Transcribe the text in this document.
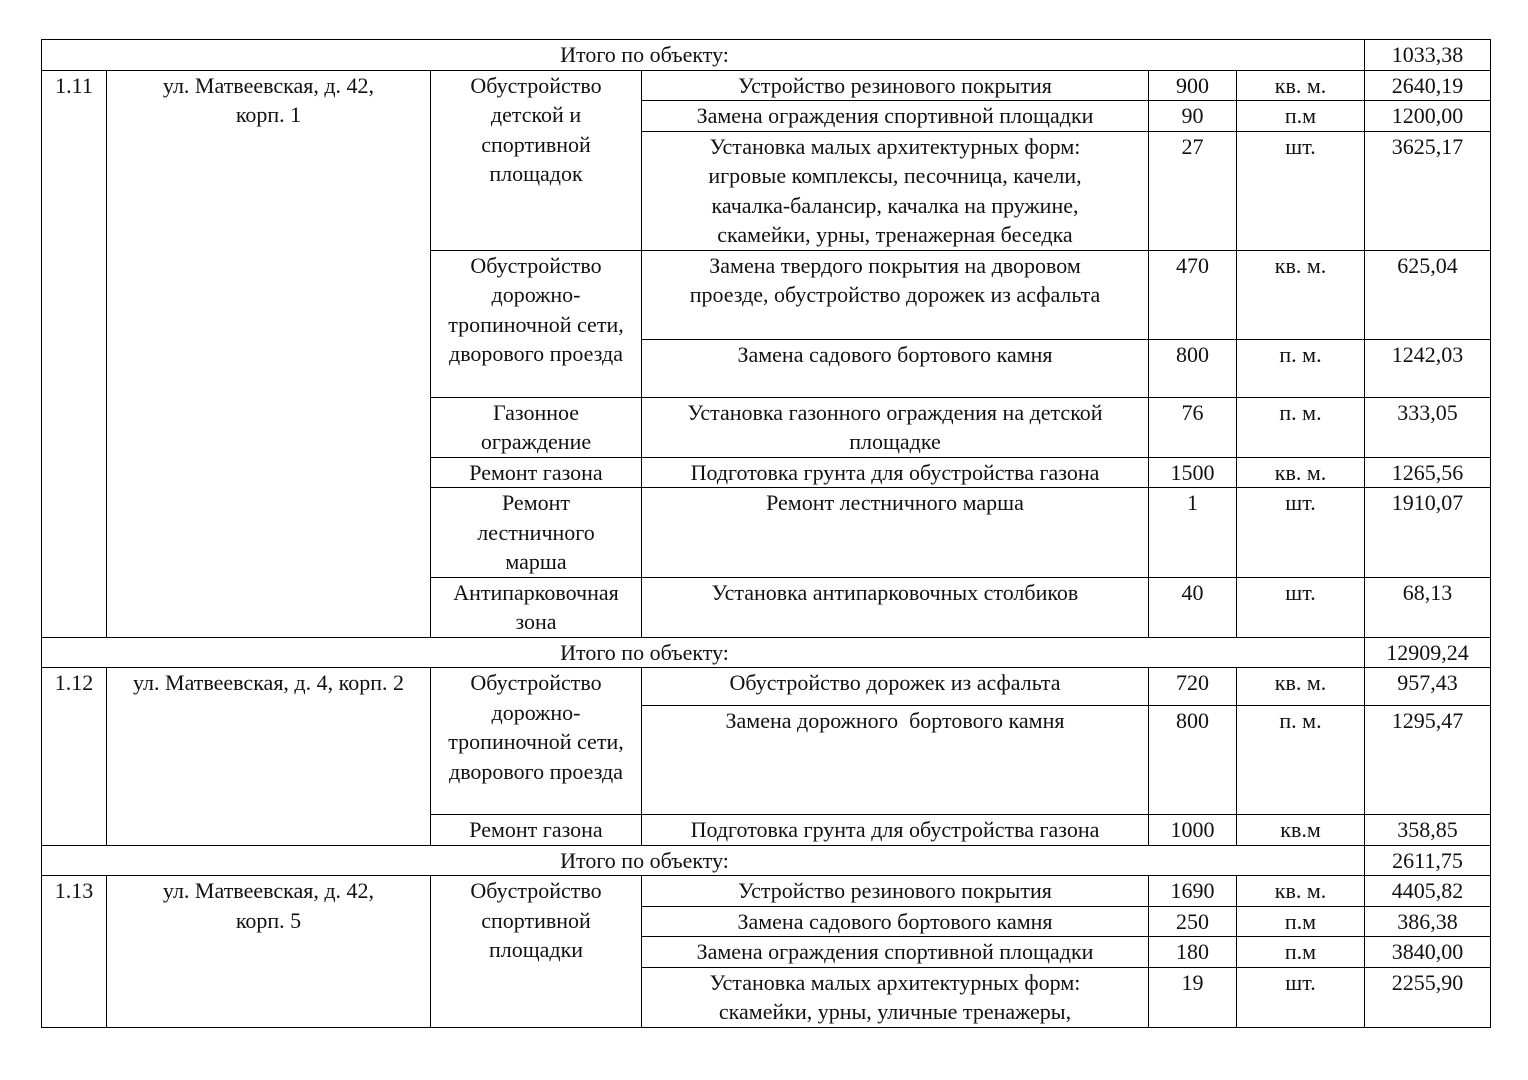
Итого по объекту:						1033,38
1.11	ул. Матвеевская, д. 42, корп. 1	Обустройство детской и спортивной площадок	Устройство резинового покрытия	900	кв. м.	2640,19
			Замена ограждения спортивной площадки	90	п.м	1200,00
			Установка малых архитектурных форм: игровые комплексы, песочница, качели, качалка-балансир, качалка на пружине, скамейки, урны, тренажерная беседка	27	шт.	3625,17
		Обустройство дорожно-тропиночной сети, дворового проезда	Замена твердого покрытия на дворовом проезде, обустройство дорожек из асфальта	470	кв. м.	625,04
			Замена садового бортового камня	800	п. м.	1242,03
		Газонное ограждение	Установка газонного ограждения на детской площадке	76	п. м.	333,05
		Ремонт газона	Подготовка грунта для обустройства газона	1500	кв. м.	1265,56
		Ремонт лестничного марша	Ремонт лестничного марша	1	шт.	1910,07
		Антипарковочная зона	Установка антипарковочных столбиков	40	шт.	68,13
Итого по объекту:						12909,24
1.12	ул. Матвеевская, д. 4, корп. 2	Обустройство дорожно-тропиночной сети, дворового проезда	Обустройство дорожек из асфальта	720	кв. м.	957,43
			Замена дорожного  бортового камня	800	п. м.	1295,47
		Ремонт газона	Подготовка грунта для обустройства газона	1000	кв.м	358,85
Итого по объекту:						2611,75
1.13	ул. Матвеевская, д. 42, корп. 5	Обустройство спортивной площадки	Устройство резинового покрытия	1690	кв. м.	4405,82
			Замена садового бортового камня	250	п.м	386,38
			Замена ограждения спортивной площадки	180	п.м	3840,00
			Установка малых архитектурных форм: скамейки, урны, уличные тренажеры,	19	шт.	2255,90
